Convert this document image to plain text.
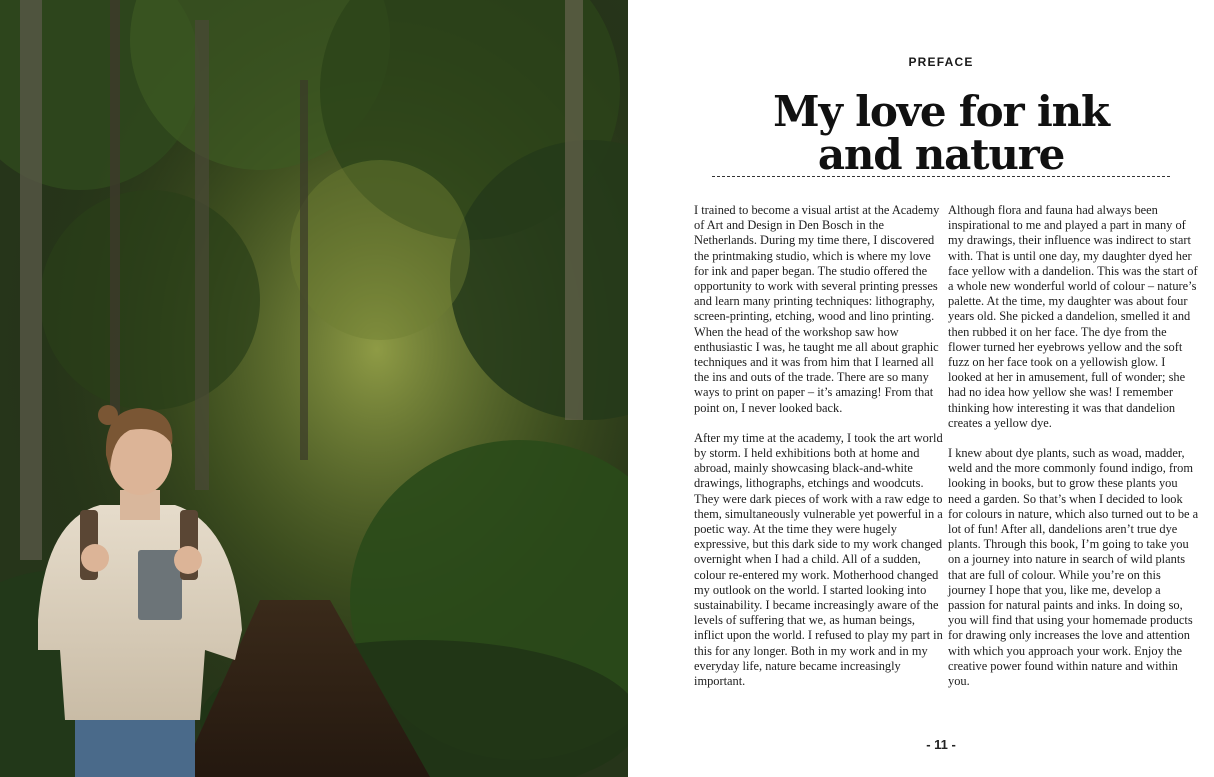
PREFACE
My love for ink
and nature

I trained to become a visual artist at the Academy of Art and Design in Den Bosch in the Netherlands. During my time there, I discovered the printmaking studio, which is where my love for ink and paper began. The studio offered the opportunity to work with several printing presses and learn many printing techniques: lithography, screen-printing, etching, wood and lino printing. When the head of the workshop saw how enthusiastic I was, he taught me all about graphic techniques and it was from him that I learned all the ins and outs of the trade. There are so many ways to print on paper – it’s amazing! From that point on, I never looked back.

After my time at the academy, I took the art world by storm. I held exhibitions both at home and abroad, mainly showcasing black-and-white drawings, lithographs, etchings and woodcuts. They were dark pieces of work with a raw edge to them, simultaneously vulnerable yet powerful in a poetic way. At the time they were hugely expressive, but this dark side to my work changed overnight when I had a child. All of a sudden, colour re-entered my work. Motherhood changed my outlook on the world. I started looking into sustainability. I became increasingly aware of the levels of suffering that we, as human beings, inflict upon the world. I refused to play my part in this for any longer. Both in my work and in my everyday life, nature became increasingly important.

Although flora and fauna had always been inspirational to me and played a part in many of my drawings, their influence was indirect to start with. That is until one day, my daughter dyed her face yellow with a dandelion. This was the start of a whole new wonderful world of colour – nature’s palette. At the time, my daughter was about four years old. She picked a dandelion, smelled it and then rubbed it on her face. The dye from the flower turned her eyebrows yellow and the soft fuzz on her face took on a yellowish glow. I looked at her in amusement, full of wonder; she had no idea how yellow she was! I remember thinking how interesting it was that dandelion creates a yellow dye.

I knew about dye plants, such as woad, madder, weld and the more commonly found indigo, from looking in books, but to grow these plants you need a garden. So that’s when I decided to look for colours in nature, which also turned out to be a lot of fun! After all, dandelions aren’t true dye plants. Through this book, I’m going to take you on a journey into nature in search of wild plants that are full of colour. While you’re on this journey I hope that you, like me, develop a passion for natural paints and inks. In doing so, you will find that using your homemade products for drawing only increases the love and attention with which you approach your work. Enjoy the creative power found within nature and within you.

- 11 -
